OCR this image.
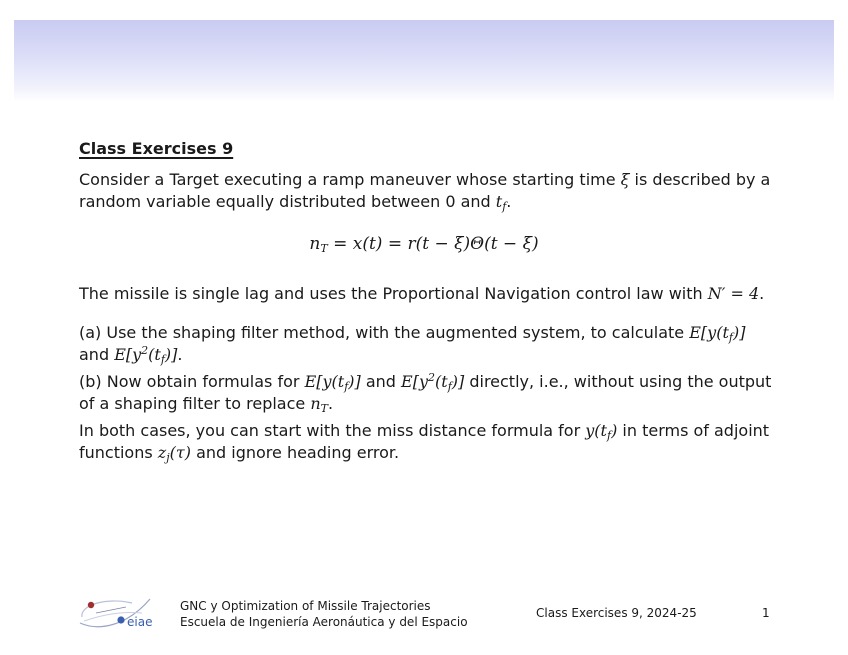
Class Exercises 9
Consider a Target executing a ramp maneuver whose starting time ξ is described by a random variable equally distributed between 0 and $t_f$.
$n_T = x(t) = r(t - \xi)\Theta(t - \xi)$
The missile is single lag and uses the Proportional Navigation control law with N′ = 4.
(a) Use the shaping filter method, with the augmented system, to calculate $E[y(t_f)]$ and $E[y^2(t_f)]$.
(b) Now obtain formulas for $E[y(t_f)]$ and $E[y^2(t_f)]$ directly, i.e., without using the output of a shaping filter to replace $n_T$.
In both cases, you can start with the miss distance formula for $y(t_f)$ in terms of adjoint functions $z_j(\tau)$ and ignore heading error.
eiae
GNC y Optimization of Missile Trajectories
Escuela de Ingeniería Aeronáutica y del Espacio
Class Exercises 9, 2024-25	1
